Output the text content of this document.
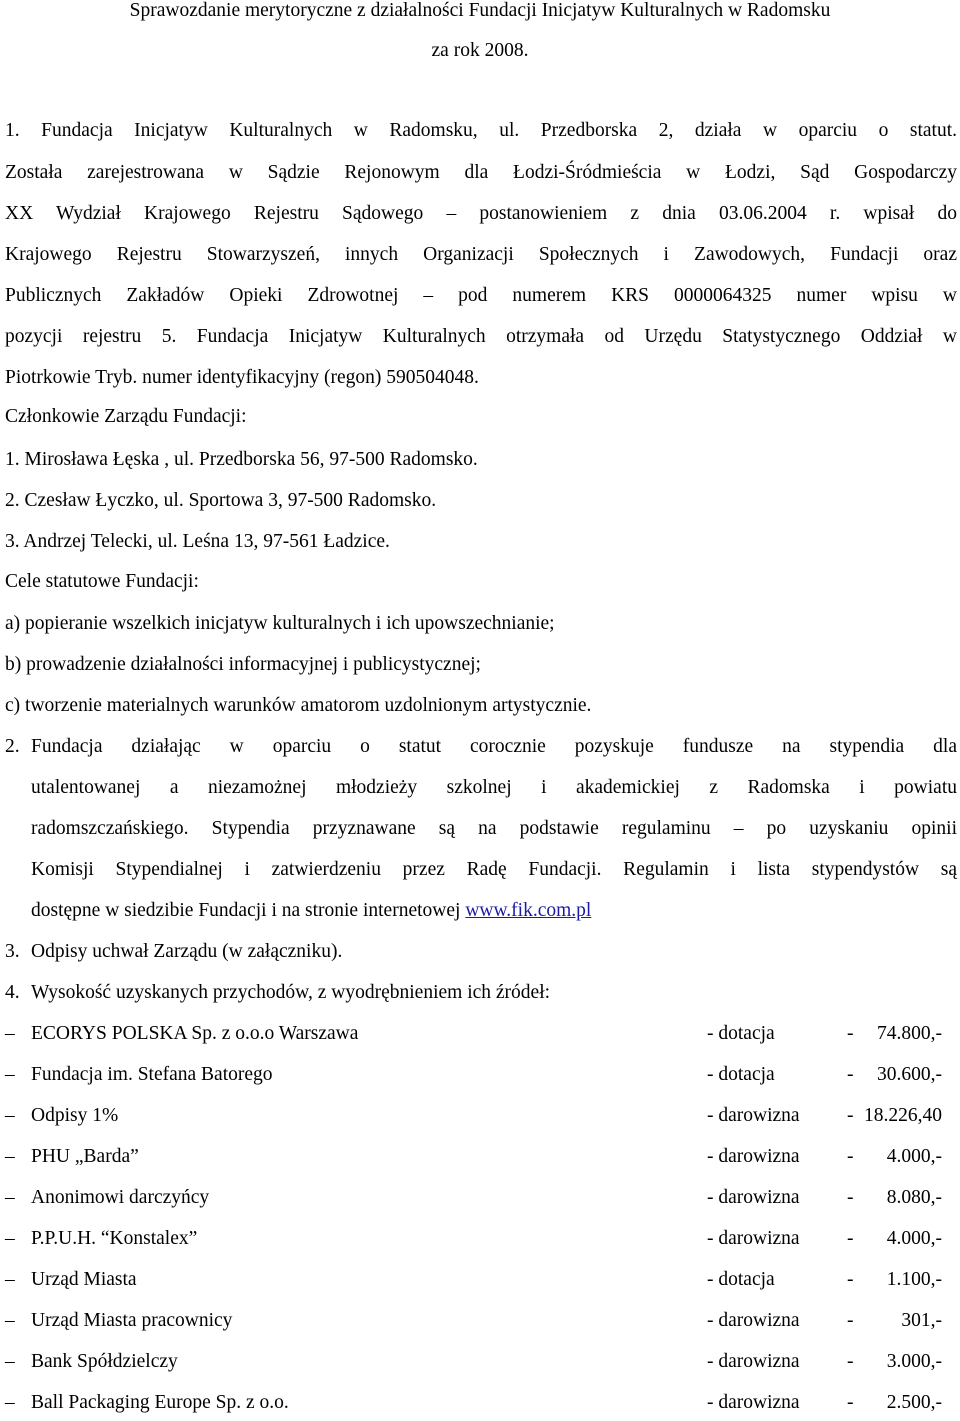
Sprawozdanie merytoryczne z działalności Fundacji Inicjatyw Kulturalnych w Radomsku
za rok 2008.
1. Fundacja Inicjatyw Kulturalnych w Radomsku, ul. Przedborska 2, działa w oparciu o statut.
Została zarejestrowana w Sądzie Rejonowym dla Łodzi-Śródmieścia w Łodzi, Sąd Gospodarczy
XX Wydział Krajowego Rejestru Sądowego – postanowieniem z dnia 03.06.2004 r. wpisał do
Krajowego Rejestru Stowarzyszeń, innych Organizacji Społecznych i Zawodowych, Fundacji oraz
Publicznych Zakładów Opieki Zdrowotnej – pod numerem KRS 0000064325 numer wpisu w
pozycji rejestru 5. Fundacja Inicjatyw Kulturalnych otrzymała od Urzędu Statystycznego Oddział w
Piotrkowie Tryb. numer identyfikacyjny (regon) 590504048.
Członkowie Zarządu Fundacji:
1. Mirosława Łęska , ul. Przedborska 56, 97-500 Radomsko.
2. Czesław Łyczko, ul. Sportowa 3, 97-500 Radomsko.
3. Andrzej Telecki, ul. Leśna 13, 97-561 Ładzice.
Cele statutowe Fundacji:
a) popieranie wszelkich inicjatyw kulturalnych i ich upowszechnianie;
b) prowadzenie działalności informacyjnej i publicystycznej;
c) tworzenie materialnych warunków amatorom uzdolnionym artystycznie.
2. Fundacja działając w oparciu o statut corocznie pozyskuje fundusze na stypendia dla
utalentowanej a niezamożnej młodzieży szkolnej i akademickiej z Radomska i powiatu
radomszczańskiego. Stypendia przyznawane są na podstawie regulaminu – po uzyskaniu opinii
Komisji Stypendialnej i zatwierdzeniu przez Radę Fundacji. Regulamin i lista stypendystów są
dostępne w siedzibie Fundacji i na stronie internetowej www.fik.com.pl
3. Odpisy uchwał Zarządu (w załączniku).
4. Wysokość uzyskanych przychodów, z wyodrębnieniem ich źródeł:
– ECORYS POLSKA Sp. z o.o.o Warszawa	- dotacja	- 74.800,-
– Fundacja im. Stefana Batorego	- dotacja	- 30.600,-
– Odpisy 1%	- darowizna - 18.226,40
– PHU „Barda”	- darowizna - 4.000,-
– Anonimowi darczyńcy	- darowizna - 8.080,-
– P.P.U.H. “Konstalex”	- darowizna - 4.000,-
– Urząd Miasta	- dotacja	- 1.100,-
– Urząd Miasta pracownicy	- darowizna - 301,-
– Bank Spółdzielczy	- darowizna - 3.000,-
– Ball Packaging Europe Sp. z o.o.	- darowizna - 2.500,-
